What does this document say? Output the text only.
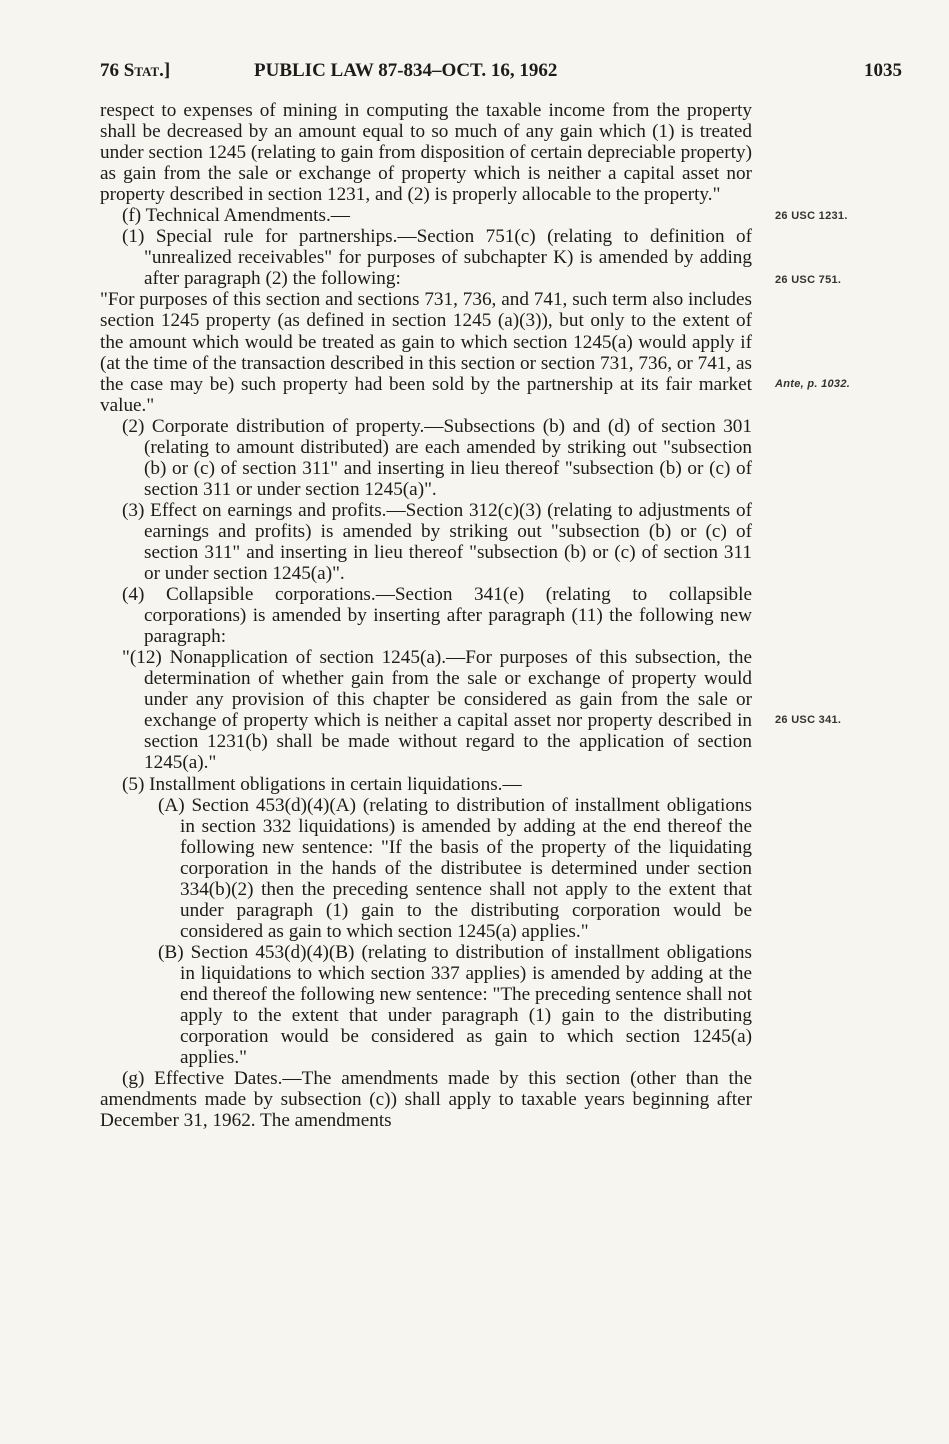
76 Stat.]	PUBLIC LAW 87-834–OCT. 16, 1962	1035

respect to expenses of mining in computing the taxable income from the property shall be decreased by an amount equal to so much of any gain which (1) is treated under section 1245 (relating to gain from disposition of certain depreciable property) as gain from the sale or exchange of property which is neither a capital asset nor property described in section 1231, and (2) is properly allocable to the property."

(f) Technical Amendments.—

(1) Special rule for partnerships.—Section 751(c) (relating to definition of "unrealized receivables" for purposes of subchapter K) is amended by adding after paragraph (2) the following:

"For purposes of this section and sections 731, 736, and 741, such term also includes section 1245 property (as defined in section 1245 (a)(3)), but only to the extent of the amount which would be treated as gain to which section 1245(a) would apply if (at the time of the transaction described in this section or section 731, 736, or 741, as the case may be) such property had been sold by the partnership at its fair market value."

(2) Corporate distribution of property.—Subsections (b) and (d) of section 301 (relating to amount distributed) are each amended by striking out "subsection (b) or (c) of section 311" and inserting in lieu thereof "subsection (b) or (c) of section 311 or under section 1245(a)".

(3) Effect on earnings and profits.—Section 312(c)(3) (relating to adjustments of earnings and profits) is amended by striking out "subsection (b) or (c) of section 311" and inserting in lieu thereof "subsection (b) or (c) of section 311 or under section 1245(a)".

(4) Collapsible corporations.—Section 341(e) (relating to collapsible corporations) is amended by inserting after paragraph (11) the following new paragraph:

"(12) Nonapplication of section 1245(a).—For purposes of this subsection, the determination of whether gain from the sale or exchange of property would under any provision of this chapter be considered as gain from the sale or exchange of property which is neither a capital asset nor property described in section 1231(b) shall be made without regard to the application of section 1245(a)."

(5) Installment obligations in certain liquidations.—

(A) Section 453(d)(4)(A) (relating to distribution of installment obligations in section 332 liquidations) is amended by adding at the end thereof the following new sentence: "If the basis of the property of the liquidating corporation in the hands of the distributee is determined under section 334(b)(2) then the preceding sentence shall not apply to the extent that under paragraph (1) gain to the distributing corporation would be considered as gain to which section 1245(a) applies."

(B) Section 453(d)(4)(B) (relating to distribution of installment obligations in liquidations to which section 337 applies) is amended by adding at the end thereof the following new sentence: "The preceding sentence shall not apply to the extent that under paragraph (1) gain to the distributing corporation would be considered as gain to which section 1245(a) applies."

(g) Effective Dates.—The amendments made by this section (other than the amendments made by subsection (c)) shall apply to taxable years beginning after December 31, 1962. The amendments

26 USC 1231.
26 USC 751.
Ante, p. 1032.
26 USC 341.
